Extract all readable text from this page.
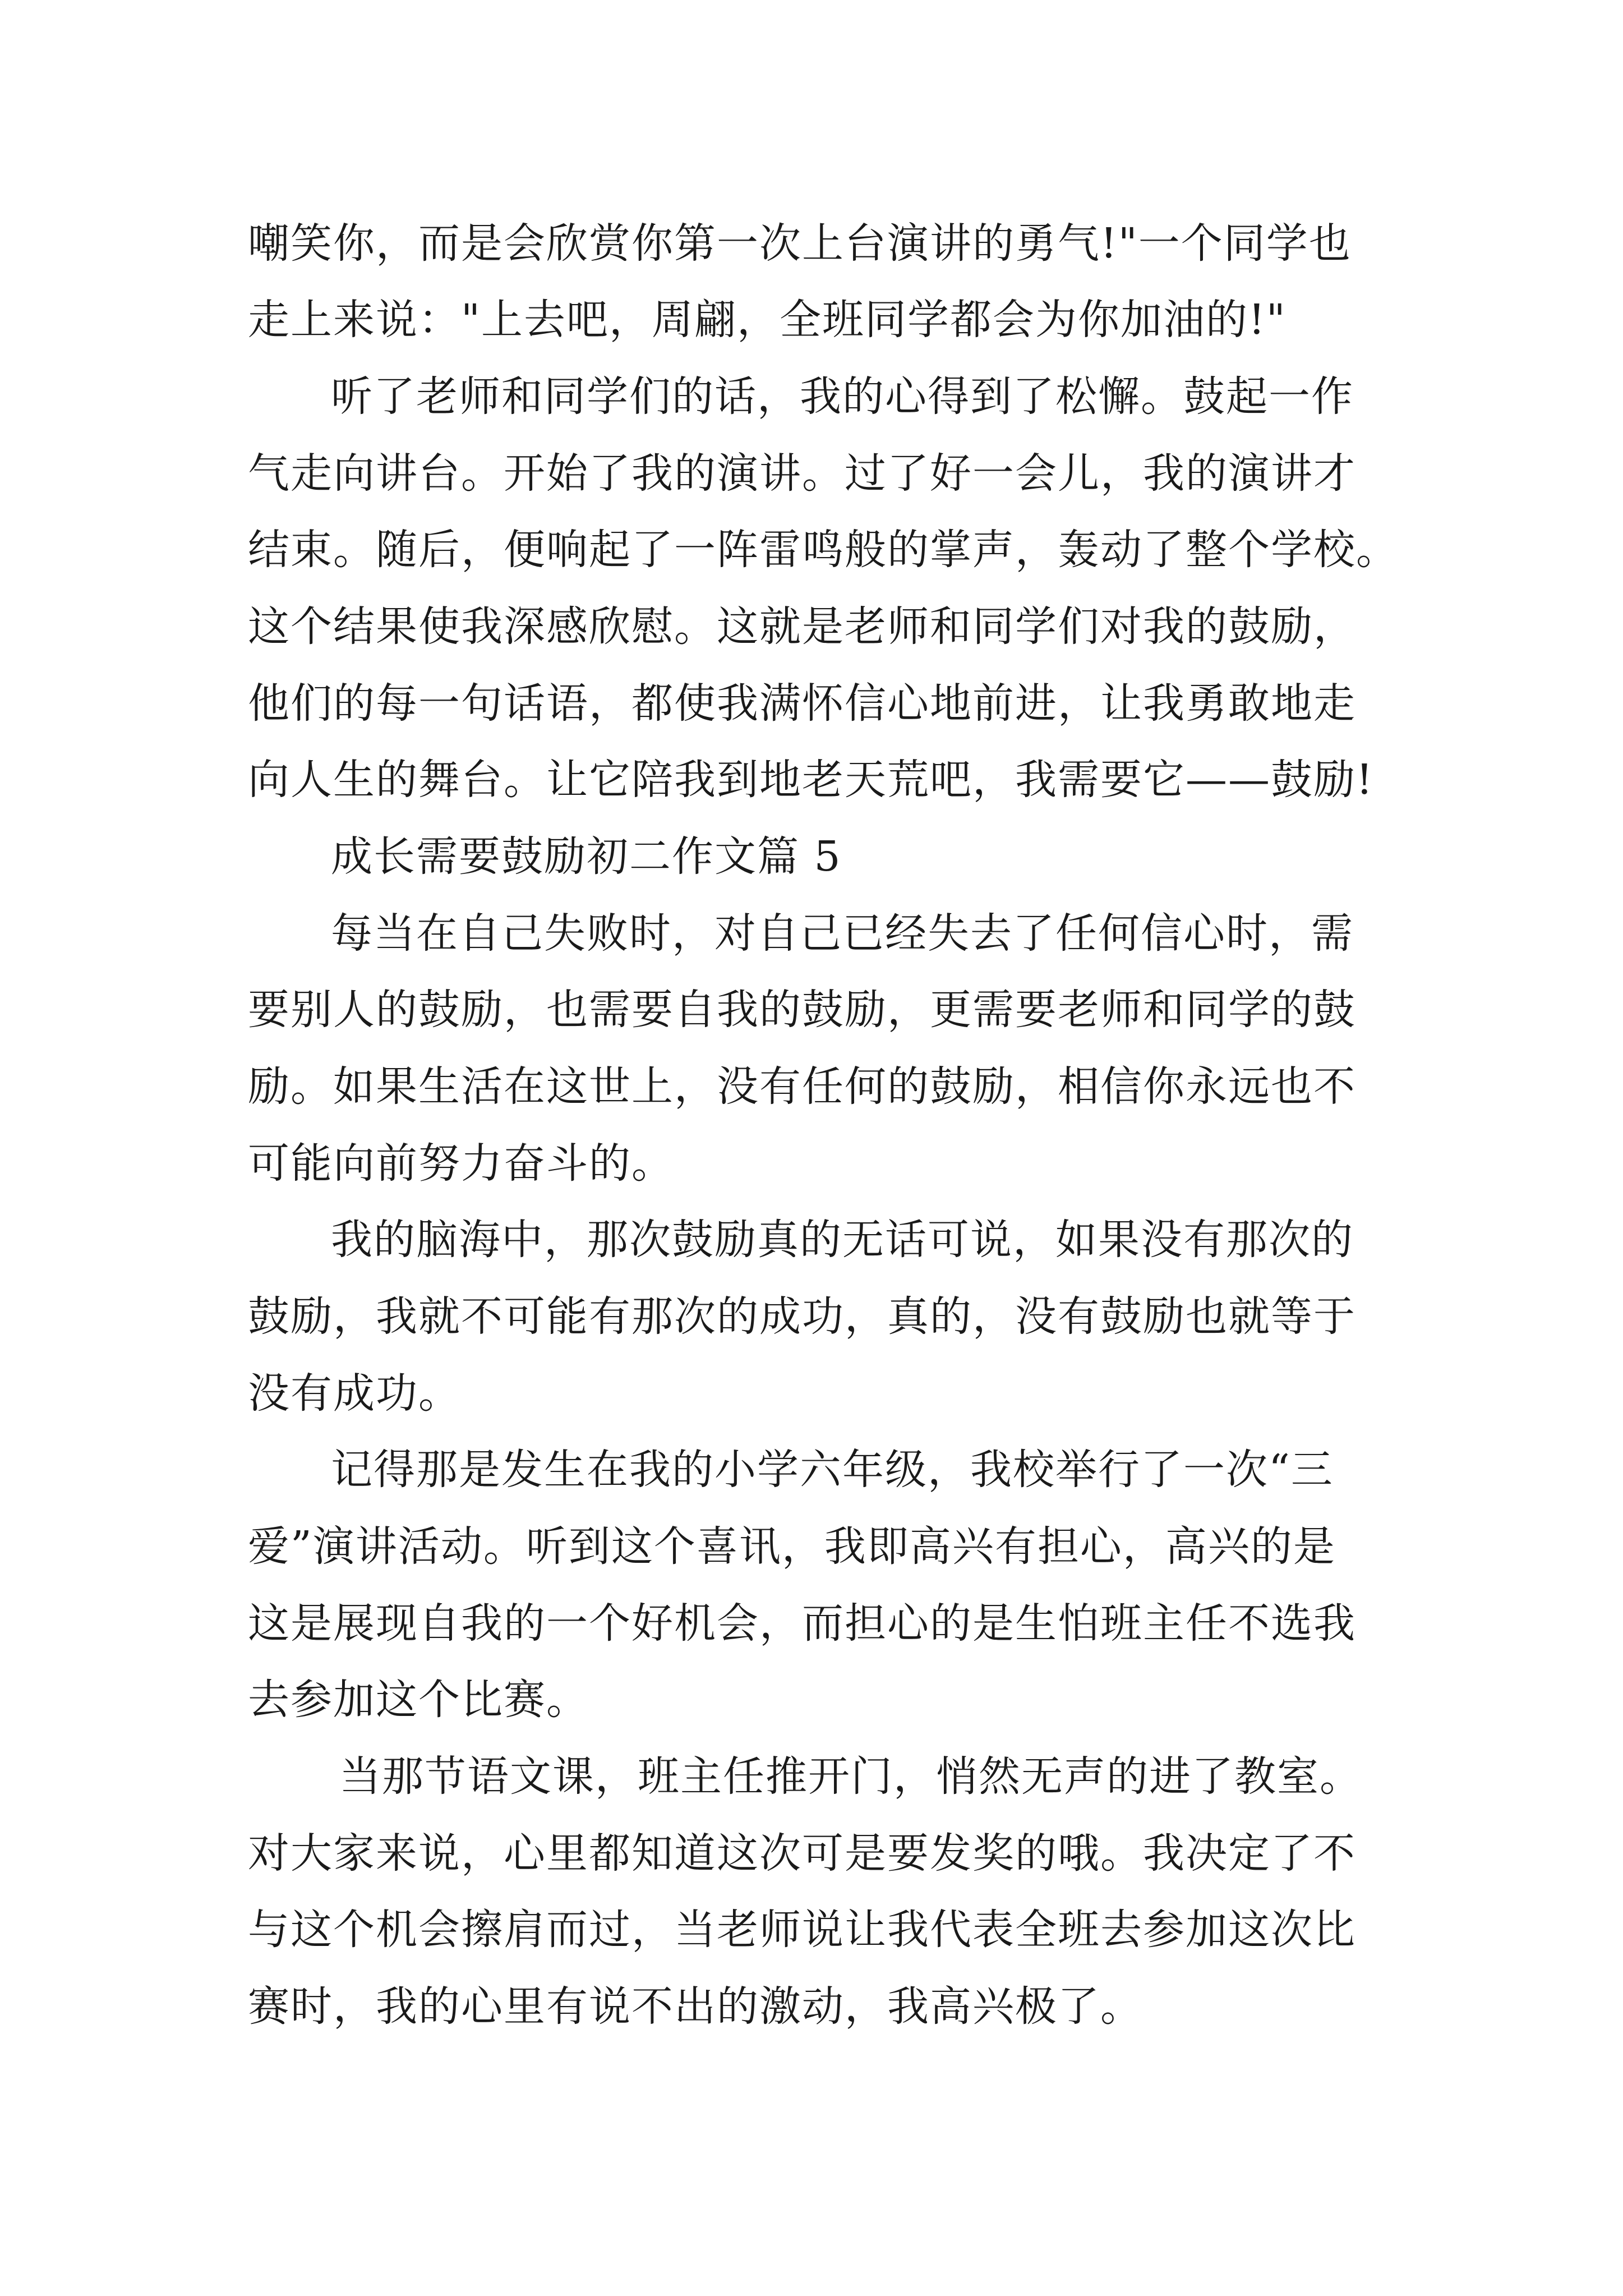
嘲笑你，而是会欣赏你第一次上台演讲的勇气!"一个同学也
走上来说："上去吧，周翩，全班同学都会为你加油的!"
听了老师和同学们的话，我的心得到了松懈。鼓起一作
气走向讲台。开始了我的演讲。过了好一会儿，我的演讲才
结束。随后，便响起了一阵雷鸣般的掌声，轰动了整个学校。
这个结果使我深感欣慰。这就是老师和同学们对我的鼓励，
他们的每一句话语，都使我满怀信心地前进，让我勇敢地走
向人生的舞台。让它陪我到地老天荒吧，我需要它——鼓励!
成长需要鼓励初二作文篇 5
每当在自己失败时，对自己已经失去了任何信心时，需
要别人的鼓励，也需要自我的鼓励，更需要老师和同学的鼓
励。如果生活在这世上，没有任何的鼓励，相信你永远也不
可能向前努力奋斗的。
我的脑海中，那次鼓励真的无话可说，如果没有那次的
鼓励，我就不可能有那次的成功，真的，没有鼓励也就等于
没有成功。
记得那是发生在我的小学六年级，我校举行了一次“三
爱”演讲活动。听到这个喜讯，我即高兴有担心，高兴的是
这是展现自我的一个好机会，而担心的是生怕班主任不选我
去参加这个比赛。
当那节语文课，班主任推开门，悄然无声的进了教室。
对大家来说，心里都知道这次可是要发奖的哦。我决定了不
与这个机会擦肩而过，当老师说让我代表全班去参加这次比
赛时，我的心里有说不出的激动，我高兴极了。
